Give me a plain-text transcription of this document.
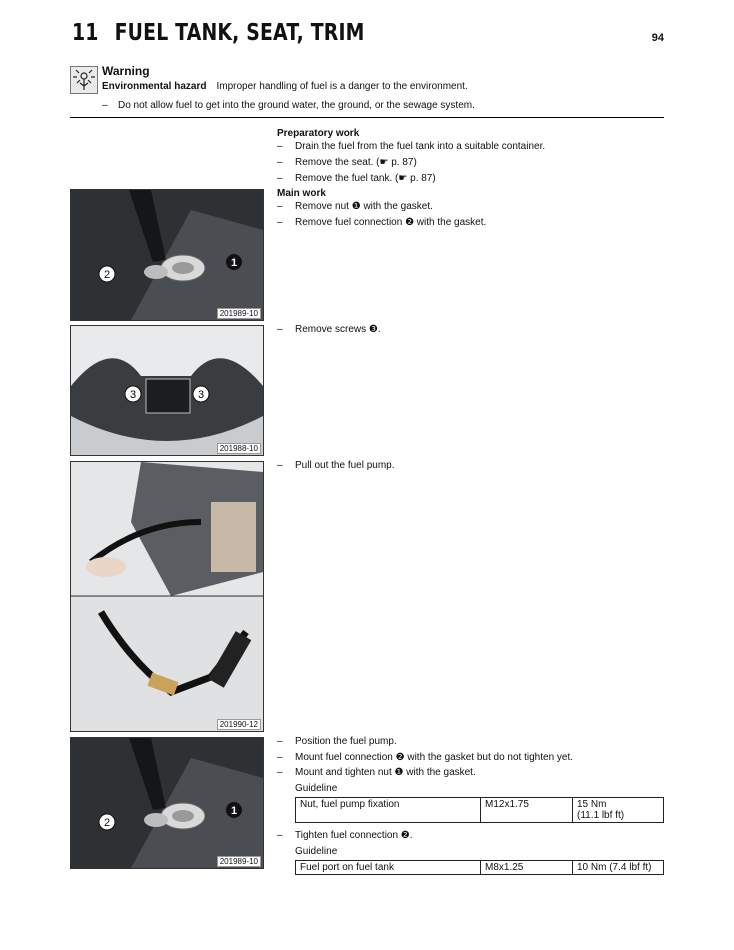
11 FUEL TANK, SEAT, TRIM	94
Warning
Environmental hazard Improper handling of fuel is a danger to the environment.
– Do not allow fuel to get into the ground water, the ground, or the sewage system.
Preparatory work
– Drain the fuel from the fuel tank into a suitable container.
– Remove the seat. (☛ p. 87)
– Remove the fuel tank. (☛ p. 87)
Main work
– Remove nut ❶ with the gasket.
– Remove fuel connection ❷ with the gasket.
– Remove screws ❸.
– Pull out the fuel pump.
– Position the fuel pump.
– Mount fuel connection ❷ with the gasket but do not tighten yet.
– Mount and tighten nut ❶ with the gasket.
Guideline
Nut, fuel pump fixation	M12x1.75	15 Nm
(11.1 lbf ft)
– Tighten fuel connection ❷.
Guideline
Fuel port on fuel tank	M8x1.25	10 Nm (7.4 lbf ft)
1
2
201989-10
3	3
201988-10
201990-12
1
2
201989-10
